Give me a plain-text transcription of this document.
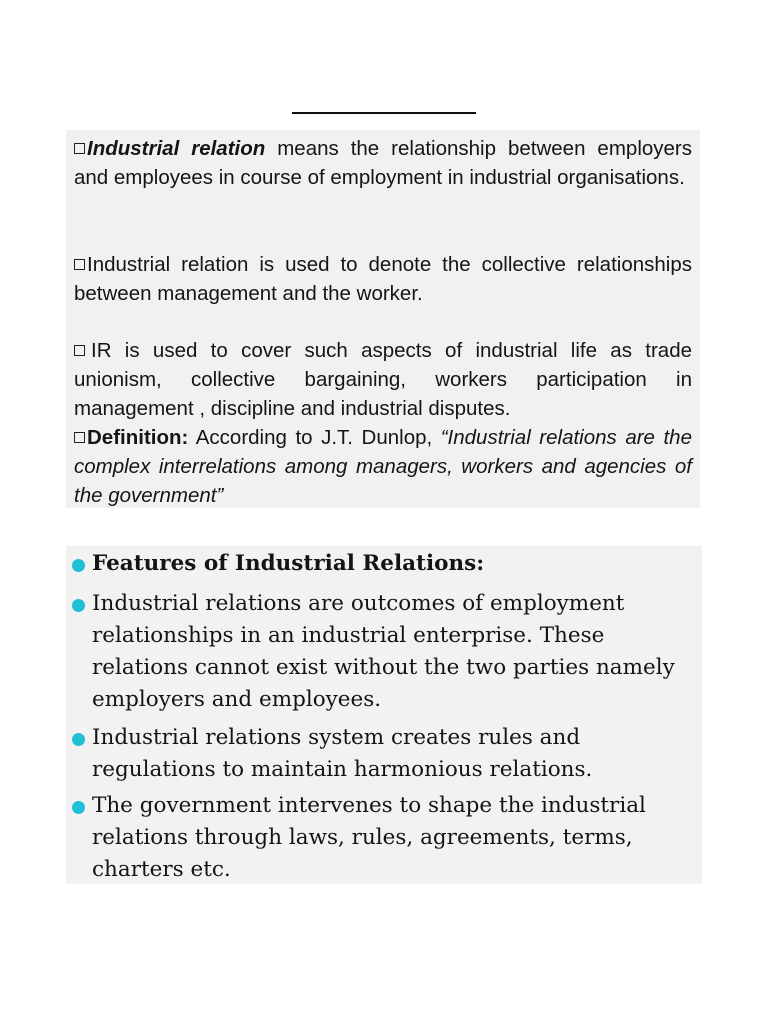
Industrial relation means the relationship between employers and employees in course of employment in industrial organisations.
Industrial relation is used to denote the collective relationships between management and the worker.
IR is used to cover such aspects of industrial life as trade unionism, collective bargaining, workers participation in management , discipline and industrial disputes.
Definition: According to J.T. Dunlop, “Industrial relations are the complex interrelations among managers, workers and agencies of the government”
Features of Industrial Relations:
Industrial relations are outcomes of employment relationships in an industrial enterprise. These relations cannot exist without the two parties namely employers and employees.
Industrial relations system creates rules and regulations to maintain harmonious relations.
The government intervenes to shape the industrial relations through laws, rules, agreements, terms, charters etc.
